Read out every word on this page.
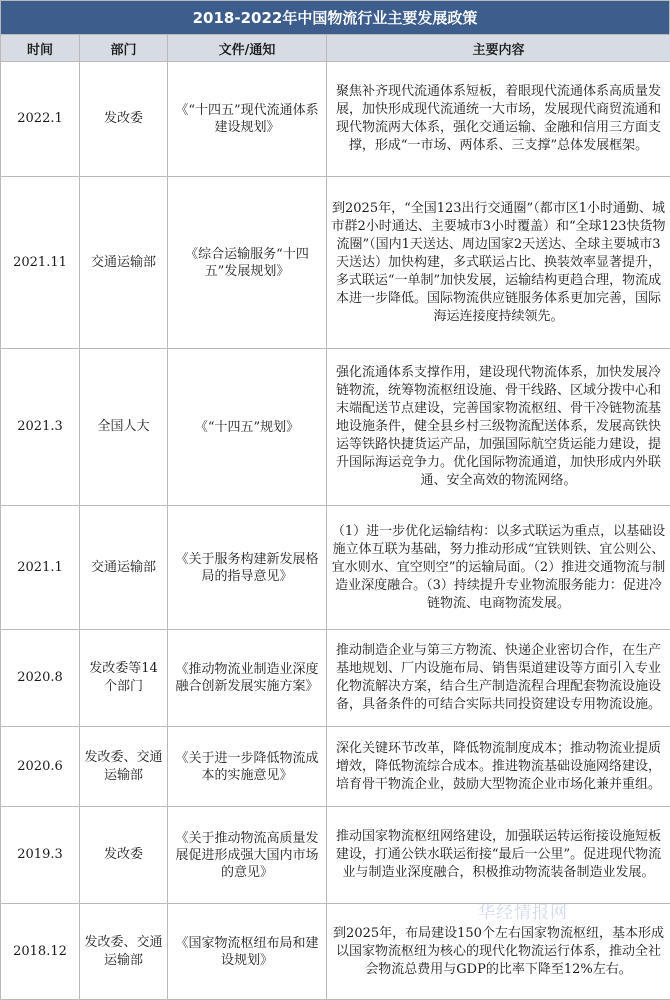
2018-2022年中国物流行业主要发展政策
时间	部门	文件/通知	主要内容
2022.1	发改委	《“十四五”现代流通体系建设规划》	聚焦补齐现代流通体系短板，着眼现代流通体系高质量发展，加快形成现代流通统一大市场，发展现代商贸流通和现代物流两大体系，强化交通运输、金融和信用三方面支撑，形成“一市场、两体系、三支撑”总体发展框架。
2021.11	交通运输部	《综合运输服务“十四五”发展规划》	到2025年，“全国123出行交通圈”（都市区1小时通勤、城市群2小时通达、主要城市3小时覆盖）和“全球123快货物流圈”（国内1天送达、周边国家2天送达、全球主要城市3天送达）加快构建，多式联运占比、换装效率显著提升，多式联运“一单制”加快发展，运输结构更趋合理，物流成本进一步降低。国际物流供应链服务体系更加完善，国际海运连接度持续领先。
2021.3	全国人大	《“十四五”规划》	强化流通体系支撑作用，建设现代物流体系，加快发展冷链物流，统筹物流枢纽设施、骨干线路、区域分拨中心和末端配送节点建设，完善国家物流枢纽、骨干冷链物流基地设施条件，健全县乡村三级物流配送体系，发展高铁快运等铁路快捷货运产品，加强国际航空货运能力建设，提升国际海运竞争力。优化国际物流通道，加快形成内外联通、安全高效的物流网络。
2021.1	交通运输部	《关于服务构建新发展格局的指导意见》	（1）进一步优化运输结构：以多式联运为重点，以基础设施立体互联为基础，努力推动形成“宜铁则铁、宜公则公、宜水则水、宜空则空”的运输局面。（2）推进交通物流与制造业深度融合。（3）持续提升专业物流服务能力：促进冷链物流、电商物流发展。
2020.8	发改委等14个部门	《推动物流业制造业深度融合创新发展实施方案》	推动制造企业与第三方物流、快递企业密切合作，在生产基地规划、厂内设施布局、销售渠道建设等方面引入专业化物流解决方案，结合生产制造流程合理配套物流设施设备，具备条件的可结合实际共同投资建设专用物流设施。
2020.6	发改委、交通运输部	《关于进一步降低物流成本的实施意见》	深化关键环节改革，降低物流制度成本；推动物流业提质增效，降低物流综合成本。推进物流基础设施网络建设，培育骨干物流企业，鼓励大型物流企业市场化兼并重组。
2019.3	发改委	《关于推动物流高质量发展促进形成强大国内市场的意见》	推动国家物流枢纽网络建设，加强联运转运衔接设施短板建设，打通公铁水联运衔接“最后一公里”。促进现代物流业与制造业深度融合，积极推动物流装备制造业发展。
2018.12	发改委、交通运输部	《国家物流枢纽布局和建设规划》	到2025年，布局建设150个左右国家物流枢纽，基本形成以国家物流枢纽为核心的现代化物流运行体系，推动全社会物流总费用与GDP的比率下降至12%左右。
华经情报网
